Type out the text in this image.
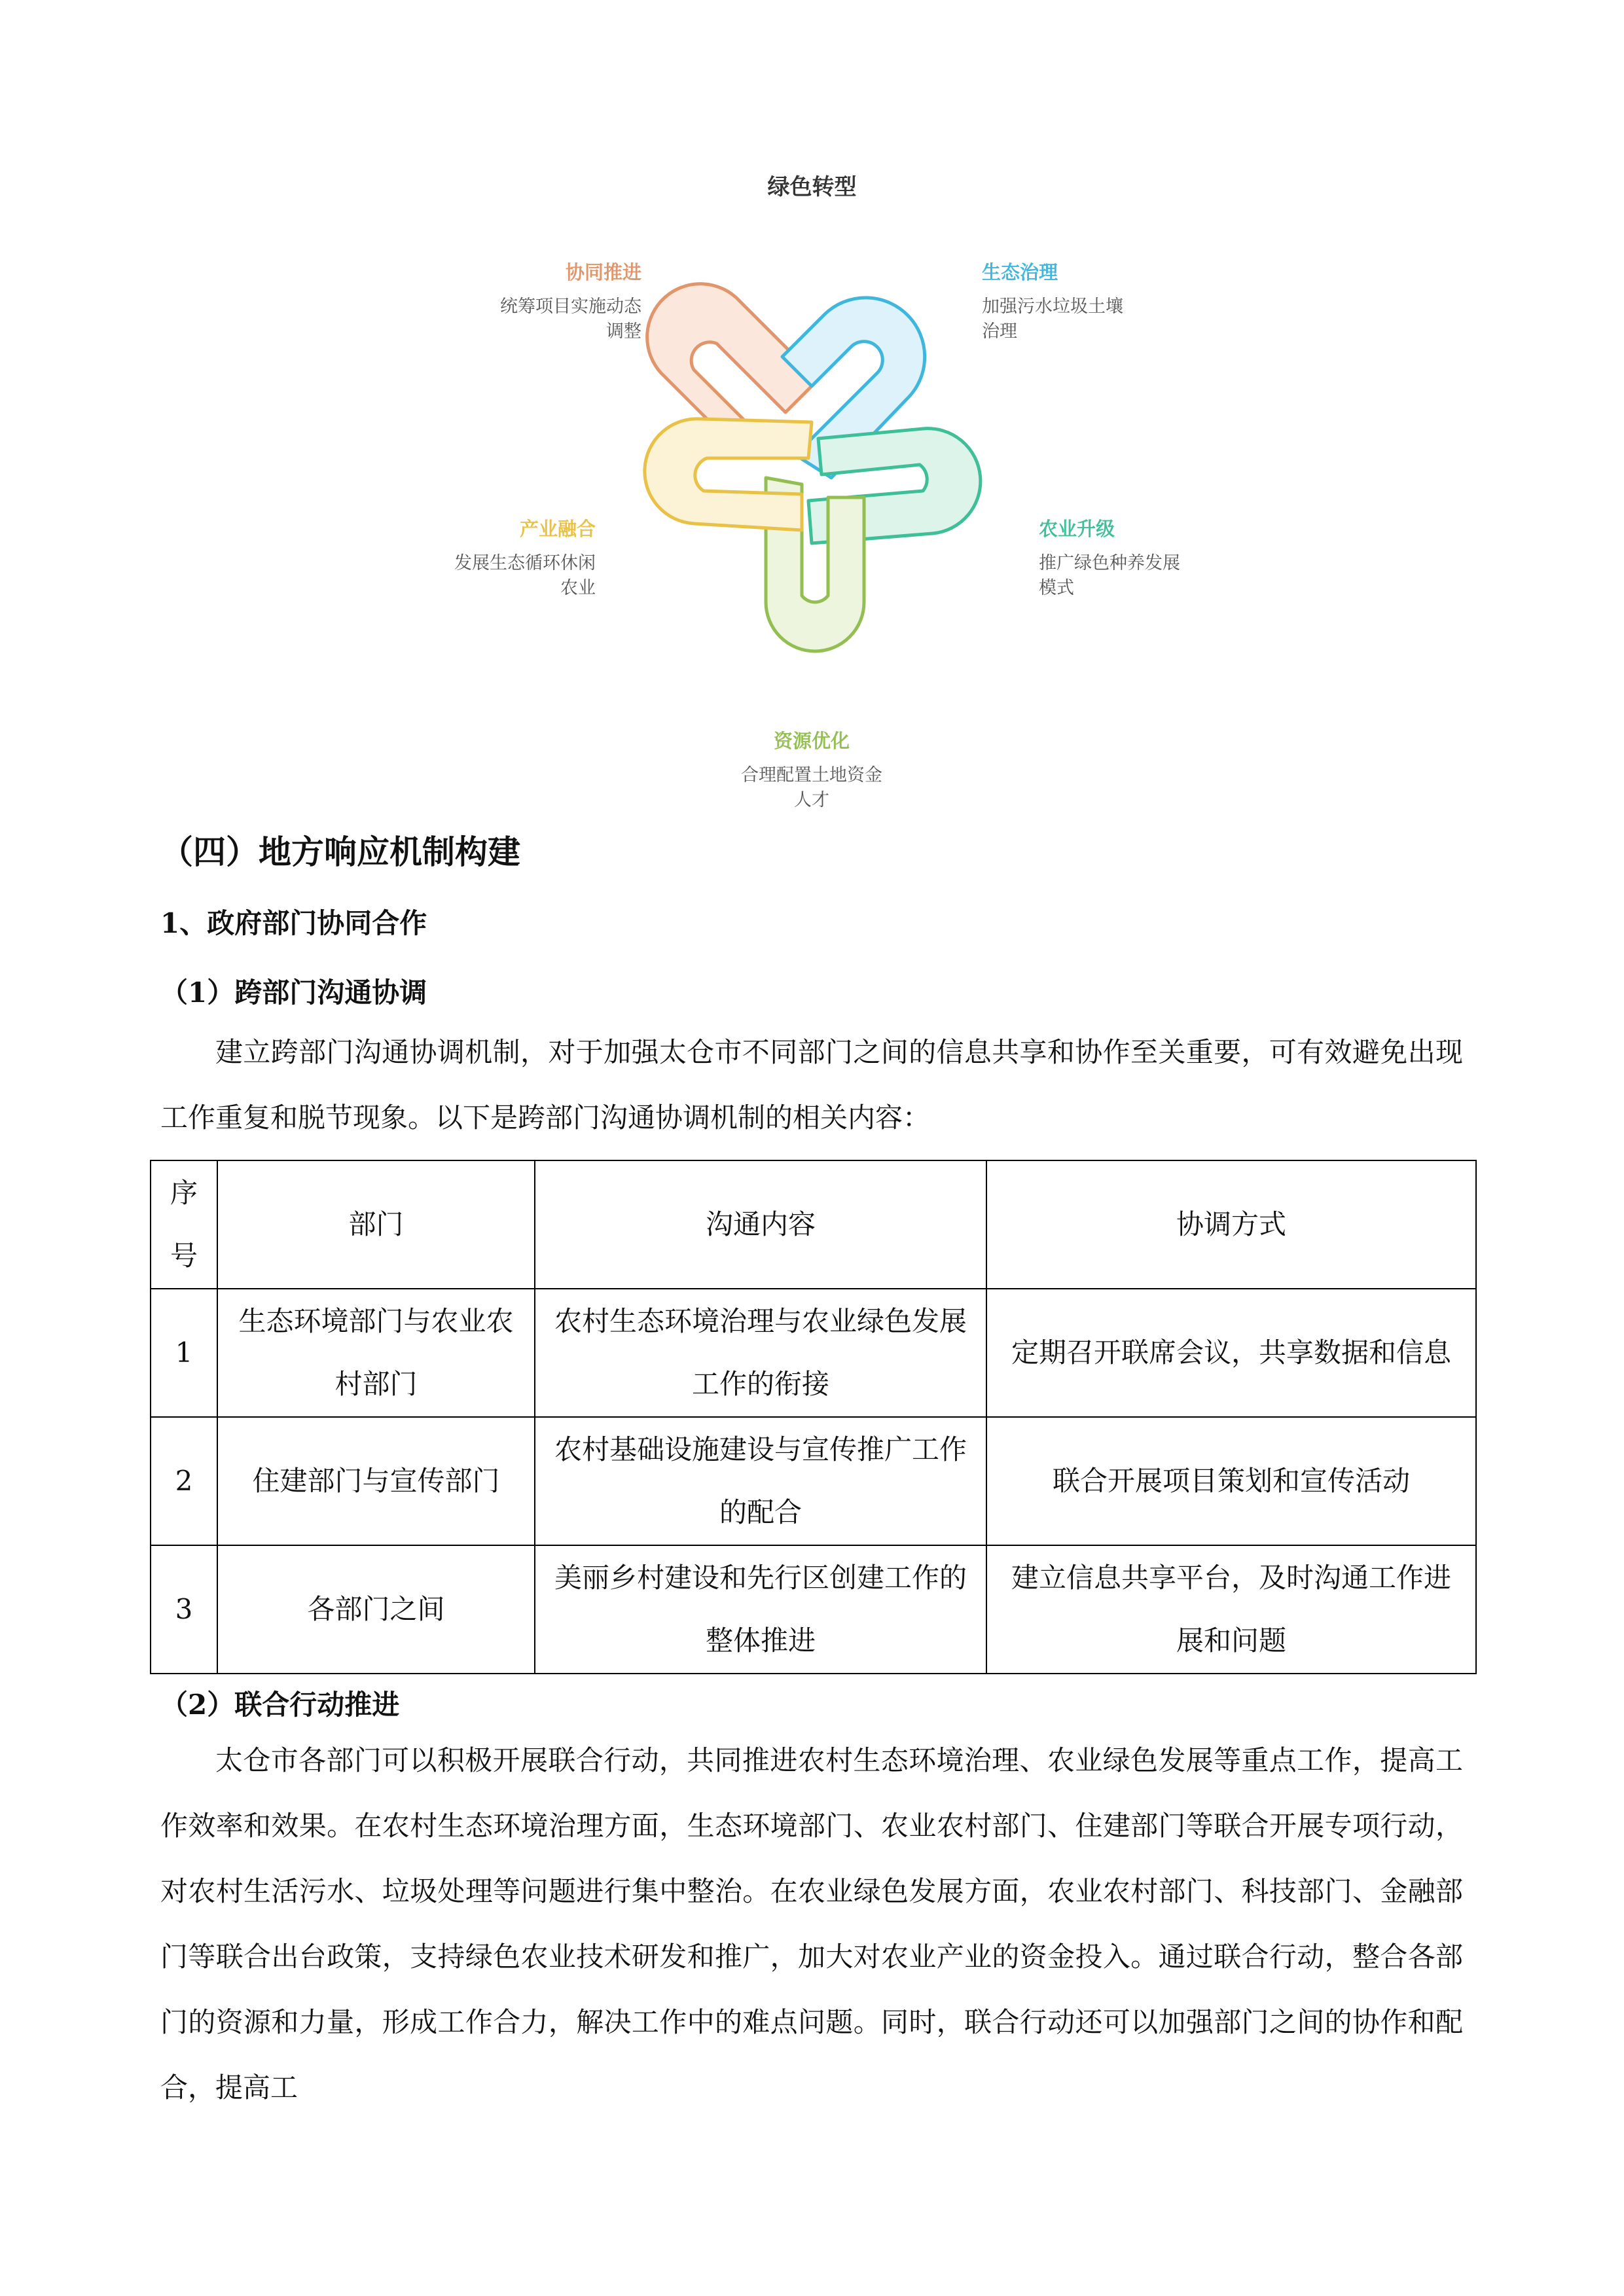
绿色转型
协同推进
统筹项目实施动态
调整
生态治理
加强污水垃圾土壤
治理
农业升级
推广绿色种养发展
模式
资源优化
合理配置土地资金
人才
产业融合
发展生态循环休闲
农业
（四）地方响应机制构建
1、政府部门协同合作
（1）跨部门沟通协调

建立跨部门沟通协调机制，对于加强太仓市不同部门之间的信息共享和协作至关重要，可有效避免出现工作重复和脱节现象。以下是跨部门沟通协调机制的相关内容：

序号	部门	沟通内容	协调方式
1	生态环境部门与农业农村部门	农村生态环境治理与农业绿色发展工作的衔接	定期召开联席会议，共享数据和信息
2	住建部门与宣传部门	农村基础设施建设与宣传推广工作的配合	联合开展项目策划和宣传活动
3	各部门之间	美丽乡村建设和先行区创建工作的整体推进	建立信息共享平台，及时沟通工作进展和问题
（2）联合行动推进

太仓市各部门可以积极开展联合行动，共同推进农村生态环境治理、农业绿色发展等重点工作，提高工作效率和效果。在农村生态环境治理方面，生态环境部门、农业农村部门、住建部门等联合开展专项行动，对农村生活污水、垃圾处理等问题进行集中整治。在农业绿色发展方面，农业农村部门、科技部门、金融部门等联合出台政策，支持绿色农业技术研发和推广，加大对农业产业的资金投入。通过联合行动，整合各部门的资源和力量，形成工作合力，解决工作中的难点问题。同时，联合行动还可以加强部门之间的协作和配合，提高工
